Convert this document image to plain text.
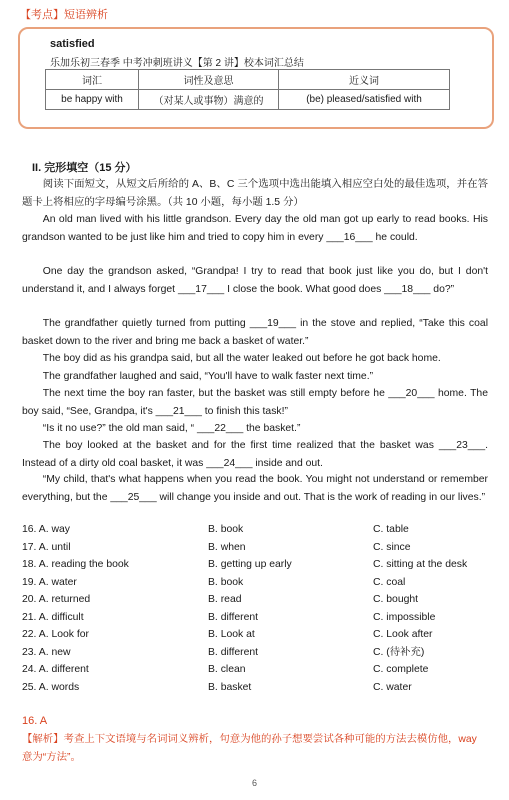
【考点】短语辨析
satisfied
乐加乐初三春季 中考冲刺班讲义【第 2 讲】校本词汇总结
词汇	词性及意思	近义词
be happy with	（对某人或事物）满意的	(be) pleased/satisfied with
II. 完形填空（15 分）

阅读下面短文，从短文后所给的 A、B、C 三个选项中选出能填入相应空白处的最佳选项，并在答题卡上将相应的字母编号涂黑。（共 10 小题，每小题 1.5 分）

An old man lived with his little grandson. Every day the old man got up early to read books. His grandson wanted to be just like him and tried to copy him in every ___16___ he could.

One day the grandson asked, “Grandpa! I try to read that book just like you do, but I don't understand it, and I always forget ___17___ I close the book. What good does ___18___ do?”

The grandfather quietly turned from putting ___19___ in the stove and replied, “Take this coal basket down to the river and bring me back a basket of water.”

The boy did as his grandpa said, but all the water leaked out before he got back home.

The grandfather laughed and said, “You'll have to walk faster next time.”

The next time the boy ran faster, but the basket was still empty before he ___20___ home. The boy said, “See, Grandpa, it's ___21___ to finish this task!”

“Is it no use?” the old man said, “ ___22___ the basket.”

The boy looked at the basket and for the first time realized that the basket was ___23___. Instead of a dirty old coal basket, it was ___24___ inside and out.

“My child, that's what happens when you read the book. You might not understand or remember everything, but the ___25___ will change you inside and out. That is the work of reading in our lives.”

16. A. way	B. book	C. table
17. A. until	B. when	C. since
18. A. reading the book	B. getting up early	C. sitting at the desk
19. A. water	B. book	C. coal
20. A. returned	B. read	C. bought
21. A. difficult	B. different	C. impossible
22. A. Look for	B. Look at	C. Look after
23. A. new	B. different	C. (待补充)
24. A. different	B. clean	C. complete
25. A. words	B. basket	C. water
16. A
【解析】考查上下文语境与名词词义辨析，句意为他的孙子想要尝试各种可能的方法去模仿他，way 意为“方法”。
6
